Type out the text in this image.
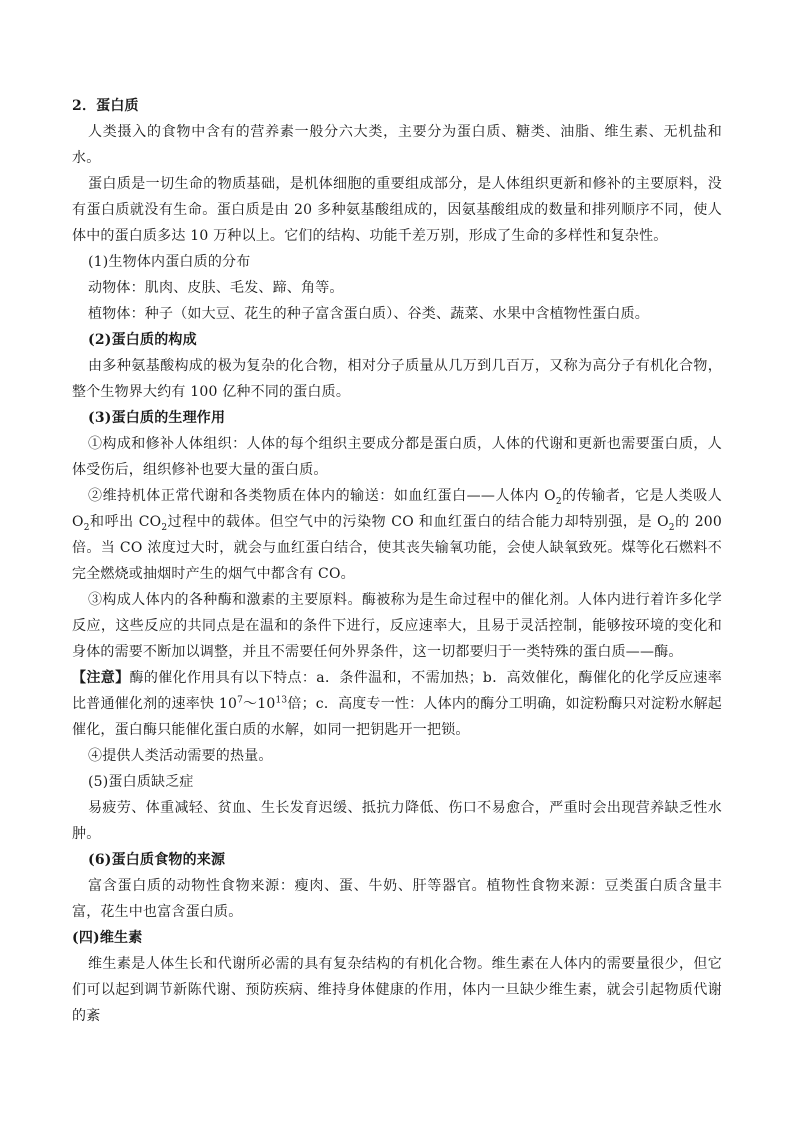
2．蛋白质

人类摄入的食物中含有的营养素一般分六大类，主要分为蛋白质、糖类、油脂、维生素、无机盐和水。

蛋白质是一切生命的物质基础，是机体细胞的重要组成部分，是人体组织更新和修补的主要原料，没有蛋白质就没有生命。蛋白质是由 20 多种氨基酸组成的，因氨基酸组成的数量和排列顺序不同，使人体中的蛋白质多达 10 万种以上。它们的结构、功能千差万别，形成了生命的多样性和复杂性。

(1)生物体内蛋白质的分布

动物体：肌肉、皮肤、毛发、蹄、角等。

植物体：种子（如大豆、花生的种子富含蛋白质）、谷类、蔬菜、水果中含植物性蛋白质。

(2)蛋白质的构成

由多种氨基酸构成的极为复杂的化合物，相对分子质量从几万到几百万，又称为高分子有机化合物，整个生物界大约有 100 亿种不同的蛋白质。

(3)蛋白质的生理作用

①构成和修补人体组织：人体的每个组织主要成分都是蛋白质，人体的代谢和更新也需要蛋白质，人体受伤后，组织修补也要大量的蛋白质。

②维持机体正常代谢和各类物质在体内的输送：如血红蛋白——人体内 $O_2$的传输者，它是人类吸人 $O_2$和呼出 $CO_2$过程中的载体。但空气中的污染物 CO 和血红蛋白的结合能力却特别强，是 $O_2$的 200 倍。当 CO 浓度过大时，就会与血红蛋白结合，使其丧失输氧功能，会使人缺氧致死。煤等化石燃料不完全燃烧或抽烟时产生的烟气中都含有 CO。

③构成人体内的各种酶和激素的主要原料。酶被称为是生命过程中的催化剂。人体内进行着许多化学反应，这些反应的共同点是在温和的条件下进行，反应速率大，且易于灵活控制，能够按环境的变化和身体的需要不断加以调整，并且不需要任何外界条件，这一切都要归于一类特殊的蛋白质——酶。

【注意】酶的催化作用具有以下特点：a．条件温和，不需加热；b．高效催化，酶催化的化学反应速率比普通催化剂的速率快 $10^7\sim 10^{13}$倍；c．高度专一性：人体内的酶分工明确，如淀粉酶只对淀粉水解起催化，蛋白酶只能催化蛋白质的水解，如同一把钥匙开一把锁。

④提供人类活动需要的热量。

(5)蛋白质缺乏症

易疲劳、体重减轻、贫血、生长发育迟缓、抵抗力降低、伤口不易愈合，严重时会出现营养缺乏性水肿。

(6)蛋白质食物的来源

富含蛋白质的动物性食物来源：瘦肉、蛋、牛奶、肝等器官。植物性食物来源：豆类蛋白质含量丰富，花生中也富含蛋白质。

(四)维生素

维生素是人体生长和代谢所必需的具有复杂结构的有机化合物。维生素在人体内的需要量很少，但它们可以起到调节新陈代谢、预防疾病、维持身体健康的作用，体内一旦缺少维生素，就会引起物质代谢的紊
